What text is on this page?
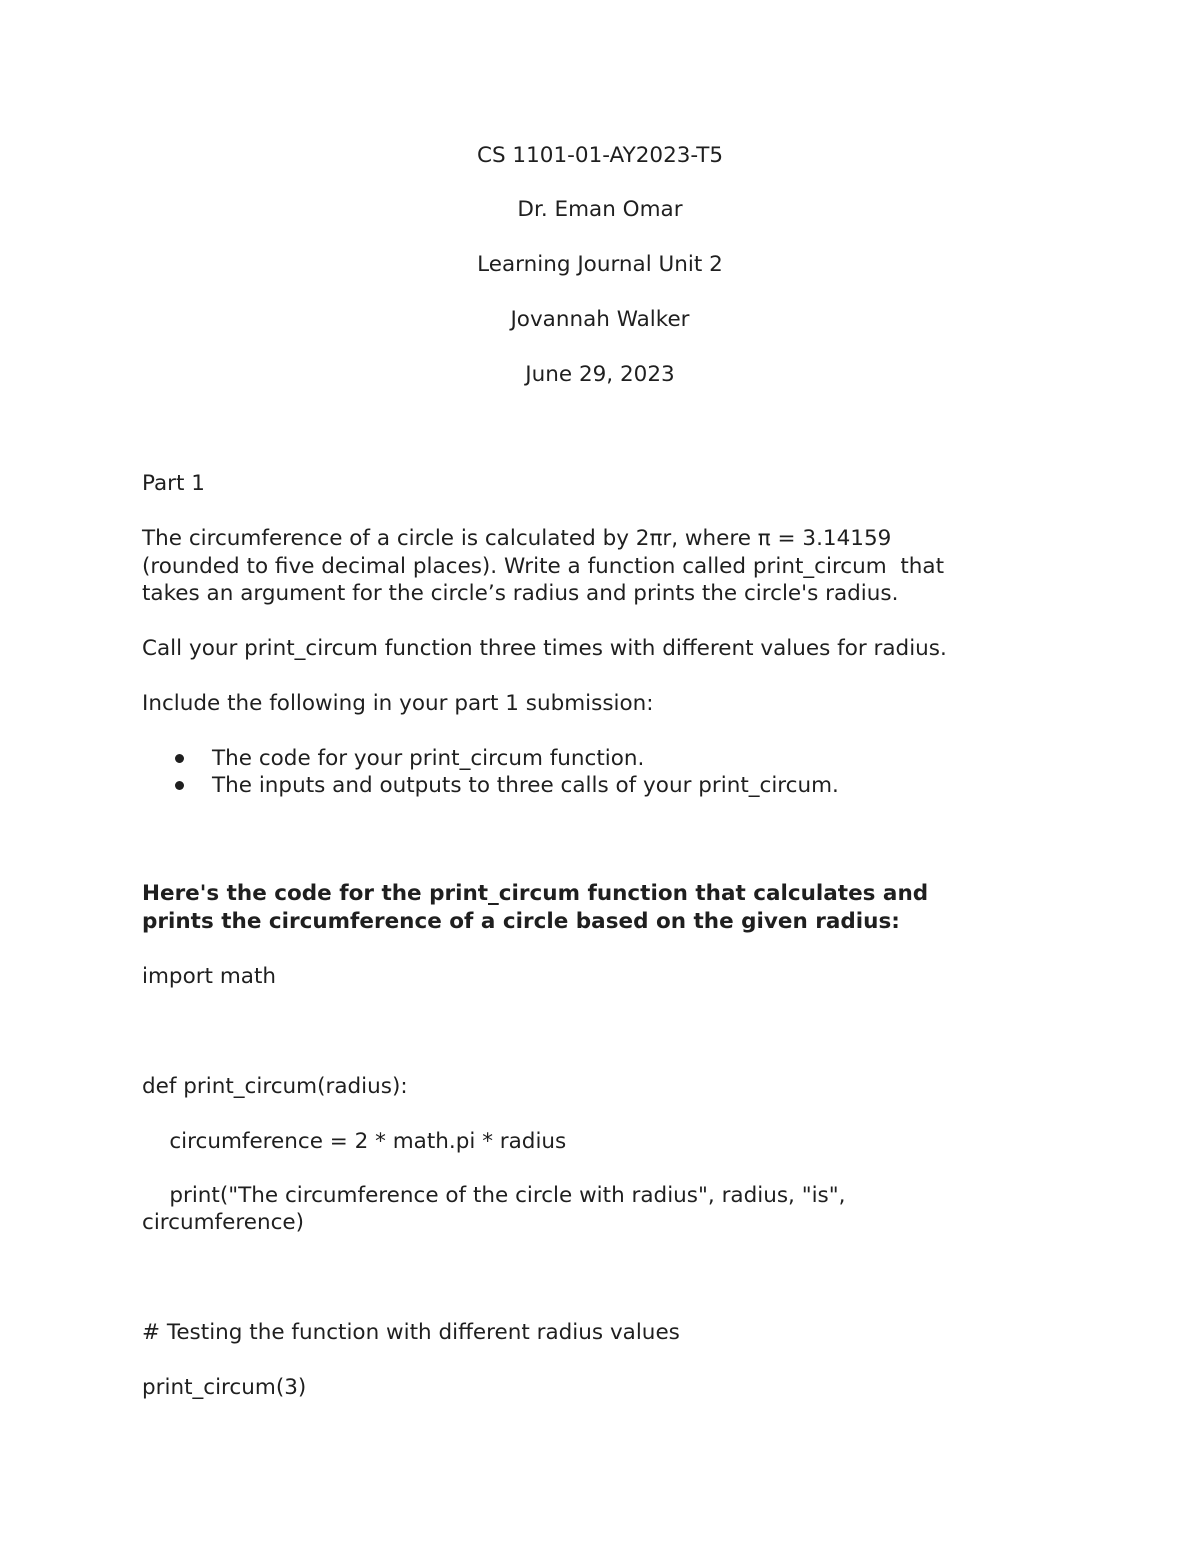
CS 1101-01-AY2023-T5

Dr. Eman Omar

Learning Journal Unit 2

Jovannah Walker

June 29, 2023

Part 1

The circumference of a circle is calculated by 2πr, where π = 3.14159

(rounded to five decimal places). Write a function called print_circum  that

takes an argument for the circle’s radius and prints the circle's radius.

Call your print_circum function three times with different values for radius.

Include the following in your part 1 submission:

The code for your print_circum function.

The inputs and outputs to three calls of your print_circum.

Here's the code for the print_circum function that calculates and

prints the circumference of a circle based on the given radius:

import math

def print_circum(radius):

circumference = 2 * math.pi * radius

print("The circumference of the circle with radius", radius, "is",

circumference)

# Testing the function with different radius values

print_circum(3)
